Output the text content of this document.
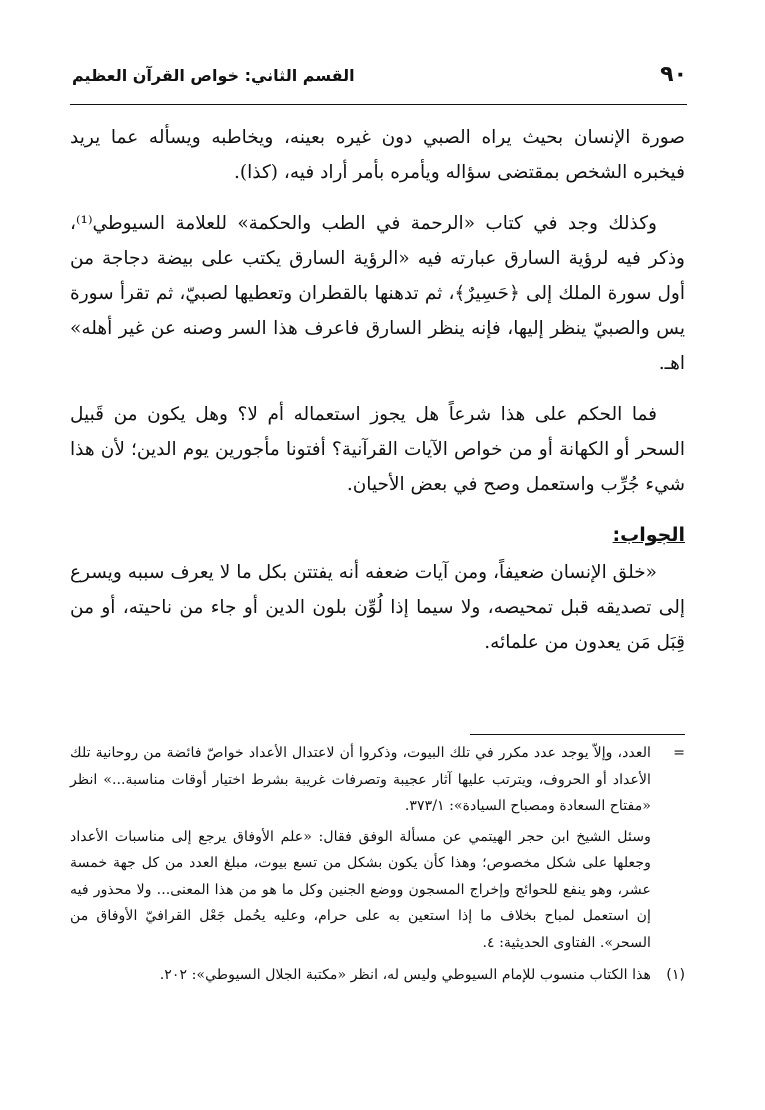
٩٠
القسم الثاني: خواص القرآن العظيم

صورة الإنسان بحيث يراه الصبي دون غيره بعينه، ويخاطبه ويسأله عما يريد فيخبره الشخص بمقتضى سؤاله ويأمره بأمر أراد فيه، (كذا).

وكذلك وجد في كتاب «الرحمة في الطب والحكمة» للعلامة السيوطي⁽¹⁾، وذكر فيه لرؤية السارق عبارته فيه «الرؤية السارق يكتب على بيضة دجاجة من أول سورة الملك إلى ﴿حَسِيرٌ﴾، ثم تدهنها بالقطران وتعطيها لصبيّ، ثم تقرأ سورة يس والصبيّ ينظر إليها، فإنه ينظر السارق فاعرف هذا السر وصنه عن غير أهله» اهـ.

فما الحكم على هذا شرعاً هل يجوز استعماله أم لا؟ وهل يكون من قَبيل السحر أو الكهانة أو من خواص الآيات القرآنية؟ أفتونا مأجورين يوم الدين؛ لأن هذا شيء جُرِّب واستعمل وصح في بعض الأحيان.

الجواب:

«خلق الإنسان ضعيفاً، ومن آيات ضعفه أنه يفتتن بكل ما لا يعرف سببه ويسرع إلى تصديقه قبل تمحيصه، ولا سيما إذا لُوِّن بلون الدين أو جاء من ناحيته، أو من قِبَل مَن يعدون من علمائه.

=

العدد، وإلاّ يوجد عدد مكرر في تلك البيوت، وذكروا أن لاعتدال الأعداد خواصّ فائضة من روحانية تلك الأعداد أو الحروف، ويترتب عليها آثار عجيبة وتصرفات غريبة بشرط اختيار أوقات مناسبة...» انظر «مفتاح السعادة ومصباح السيادة»: ٣٧٣/١.

وسئل الشيخ ابن حجر الهيتمي عن مسألة الوفق فقال: «علم الأوفاق يرجع إلى مناسبات الأعداد وجعلها على شكل مخصوص؛ وهذا كأن يكون بشكل من تسع بيوت، مبلغ العدد من كل جهة خمسة عشر، وهو ينفع للحوائج وإخراج المسجون ووضع الجنين وكل ما هو من هذا المعنى... ولا محذور فيه إن استعمل لمباح بخلاف ما إذا استعين به على حرام، وعليه يحُمل جَعْل القرافيّ الأوفاق من السحر». الفتاوى الحديثية: ٤.

(١)

هذا الكتاب منسوب للإمام السيوطي وليس له، انظر «مكتبة الجلال السيوطي»: ٢٠٢.
